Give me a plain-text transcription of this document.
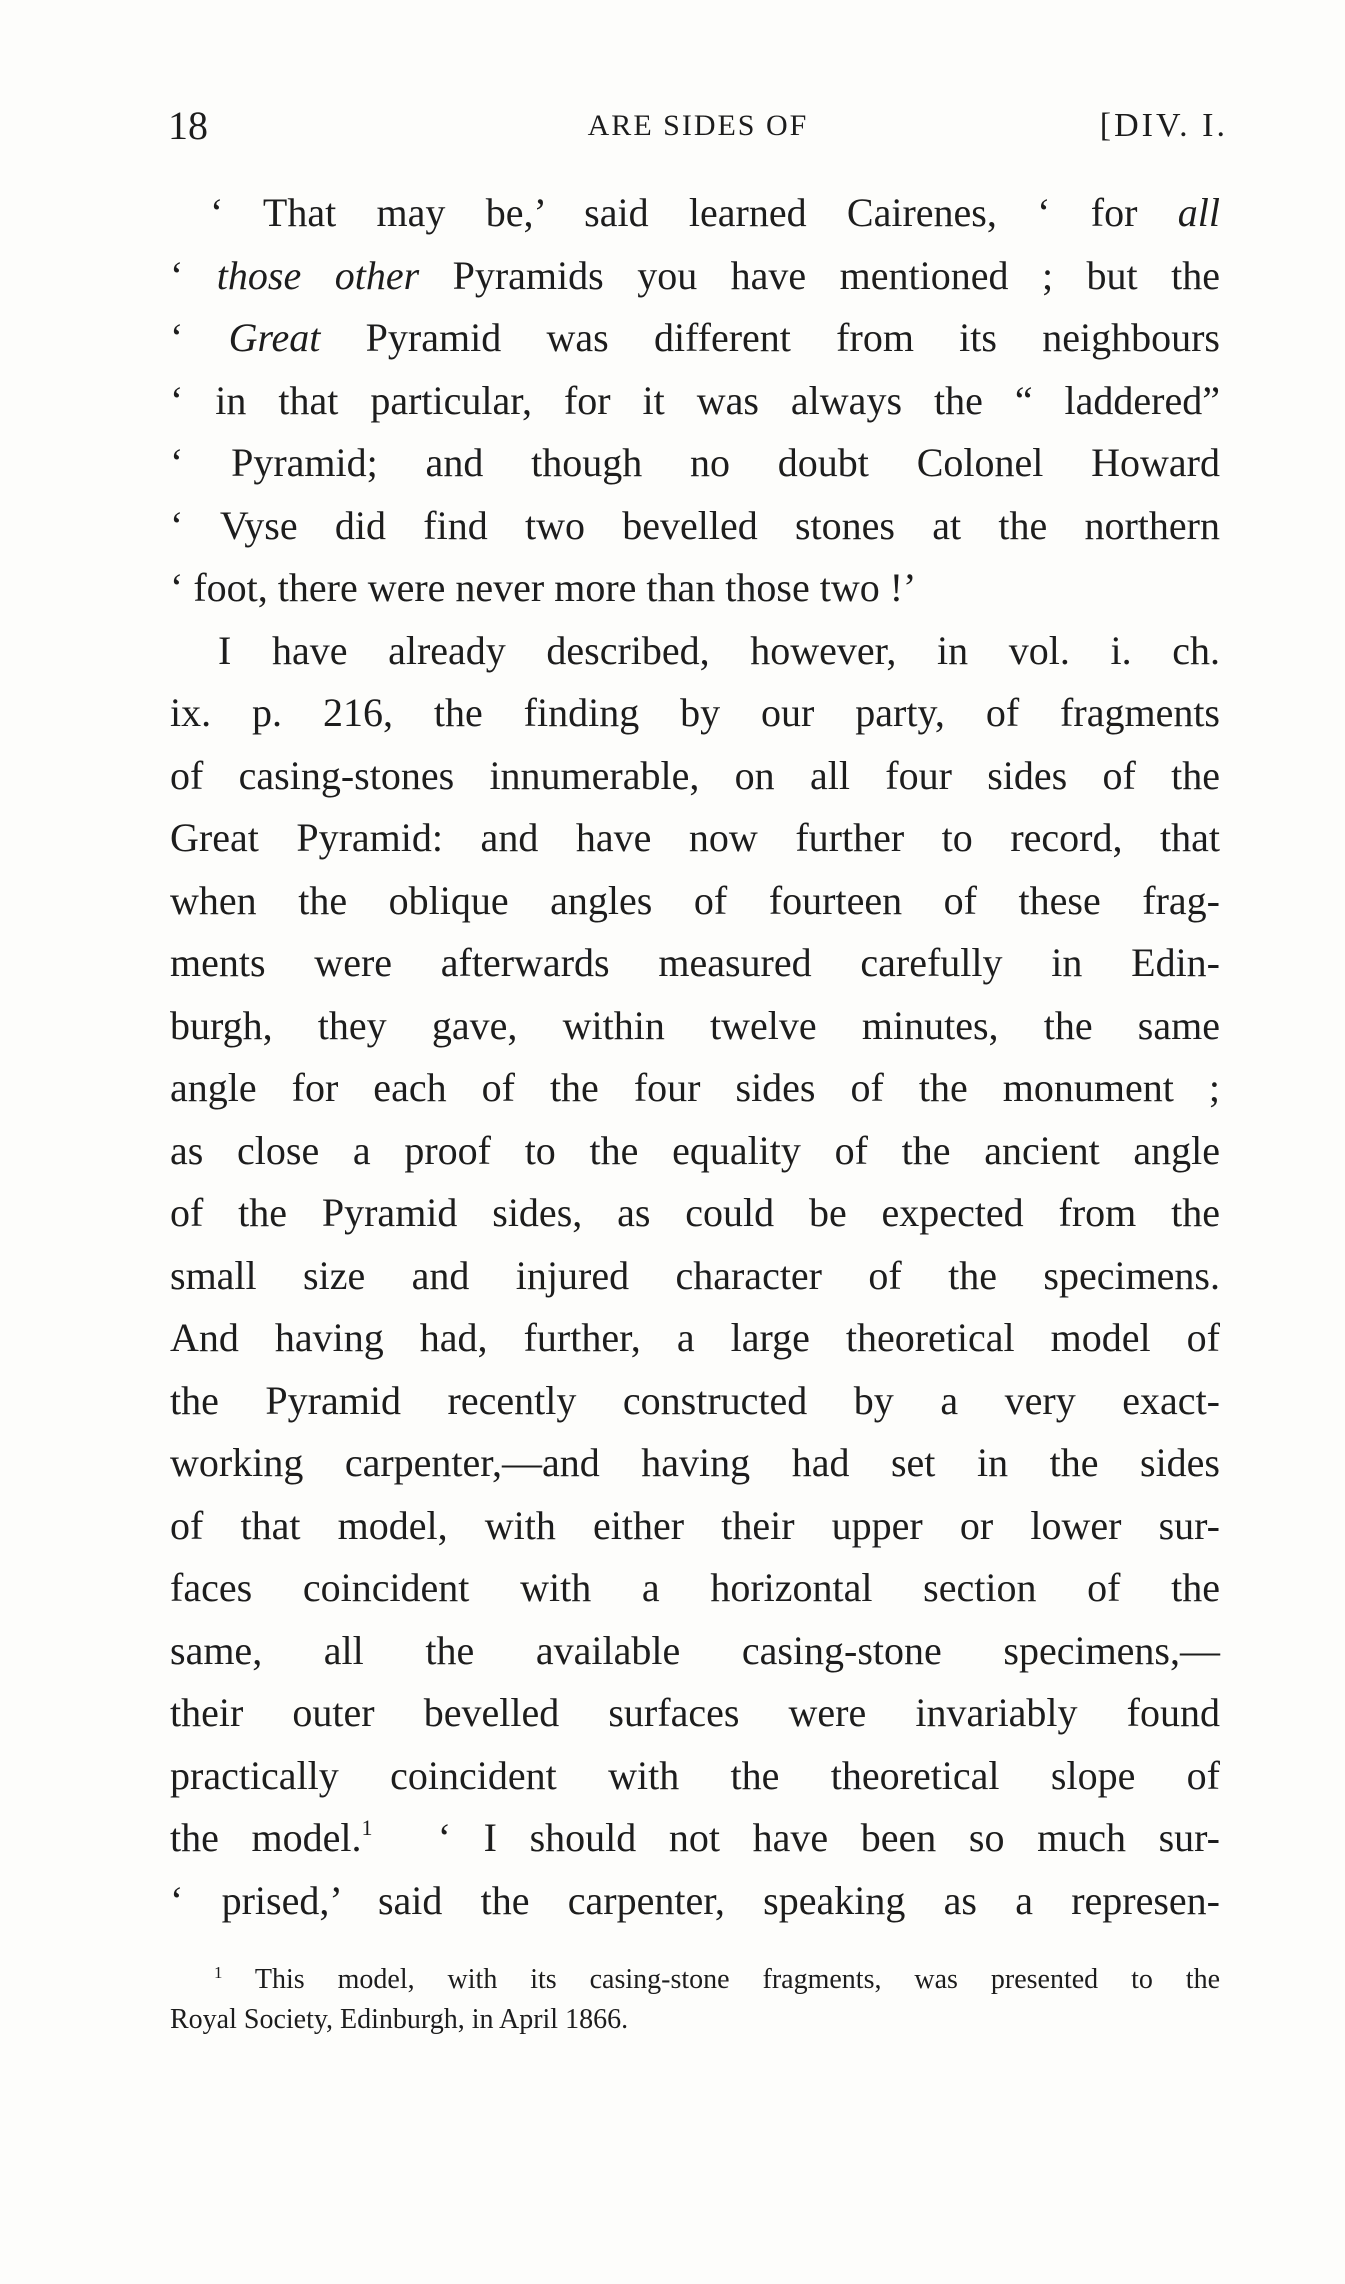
18	ARE SIDES OF	[DIV. I.
‘ That may be,’ said learned Cairenes, ‘ for all
‘ those other Pyramids you have mentioned ; but the
‘ Great Pyramid was different from its neighbours
‘ in that particular, for it was always the “ laddered”
‘ Pyramid; and though no doubt Colonel Howard
‘ Vyse did find two bevelled stones at the northern
‘ foot, there were never more than those two !’
I have already described, however, in vol. i. ch.
ix. p. 216, the finding by our party, of fragments
of casing-stones innumerable, on all four sides of the
Great Pyramid: and have now further to record, that
when the oblique angles of fourteen of these frag-
ments were afterwards measured carefully in Edin-
burgh, they gave, within twelve minutes, the same
angle for each of the four sides of the monument ;
as close a proof to the equality of the ancient angle
of the Pyramid sides, as could be expected from the
small size and injured character of the specimens.
And having had, further, a large theoretical model of
the Pyramid recently constructed by a very exact-
working carpenter,—and having had set in the sides
of that model, with either their upper or lower sur-
faces coincident with a horizontal section of the
same, all the available casing-stone specimens,—
their outer bevelled surfaces were invariably found
practically coincident with the theoretical slope of
the model.$^1$  ‘ I should not have been so much sur-
‘ prised,’ said the carpenter, speaking as a represen-
$^1$ This model, with its casing-stone fragments, was presented to the
Royal Society, Edinburgh, in April 1866.
